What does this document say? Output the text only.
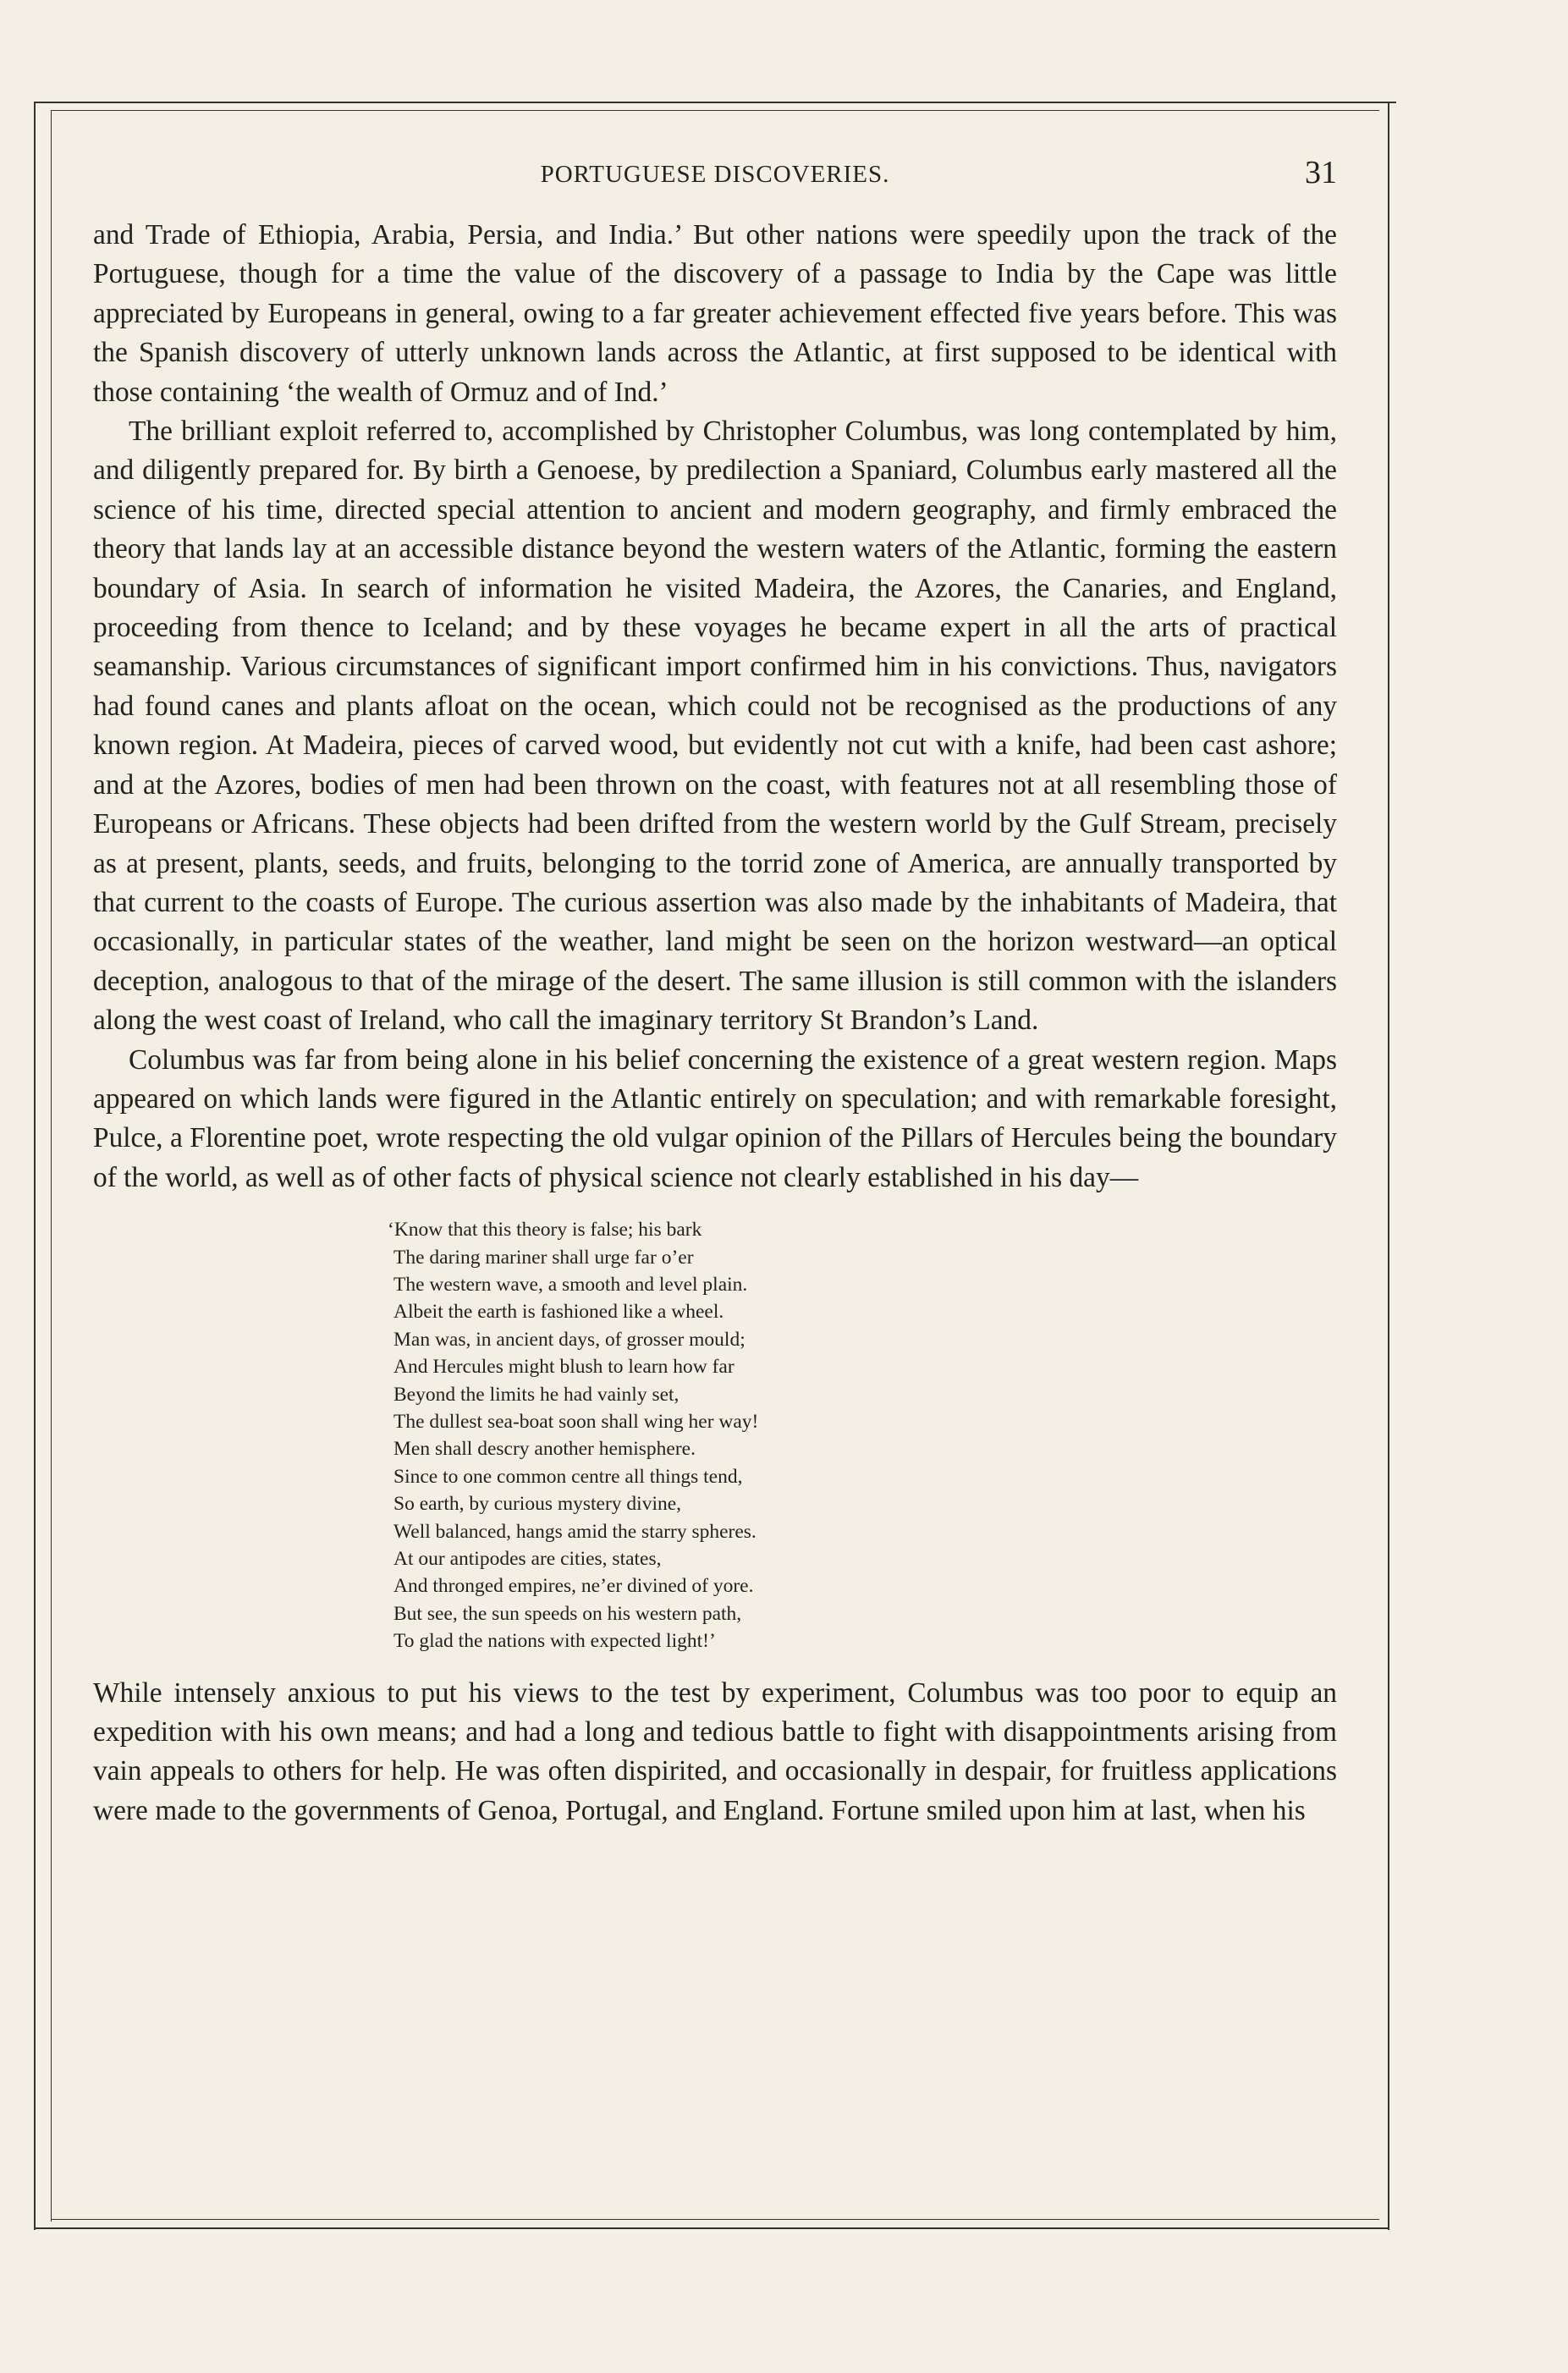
PORTUGUESE DISCOVERIES.	31

and Trade of Ethiopia, Arabia, Persia, and India.’ But other nations were speedily upon the track of the Portuguese, though for a time the value of the discovery of a passage to India by the Cape was little appreciated by Europeans in general, owing to a far greater achievement effected five years before. This was the Spanish discovery of utterly unknown lands across the Atlantic, at first supposed to be identical with those containing ‘the wealth of Ormuz and of Ind.’

The brilliant exploit referred to, accomplished by Christopher Columbus, was long contemplated by him, and diligently prepared for. By birth a Genoese, by predilection a Spaniard, Columbus early mastered all the science of his time, directed special attention to ancient and modern geography, and firmly embraced the theory that lands lay at an accessible distance beyond the western waters of the Atlantic, forming the eastern boundary of Asia. In search of information he visited Madeira, the Azores, the Canaries, and England, proceeding from thence to Iceland; and by these voyages he became expert in all the arts of practical seamanship. Various circumstances of significant import confirmed him in his convictions. Thus, navigators had found canes and plants afloat on the ocean, which could not be recognised as the productions of any known region. At Madeira, pieces of carved wood, but evidently not cut with a knife, had been cast ashore; and at the Azores, bodies of men had been thrown on the coast, with features not at all resembling those of Europeans or Africans. These objects had been drifted from the western world by the Gulf Stream, precisely as at present, plants, seeds, and fruits, belonging to the torrid zone of America, are annually transported by that current to the coasts of Europe. The curious assertion was also made by the inhabitants of Madeira, that occasionally, in particular states of the weather, land might be seen on the horizon westward—an optical deception, analogous to that of the mirage of the desert. The same illusion is still common with the islanders along the west coast of Ireland, who call the imaginary territory St Brandon’s Land.

Columbus was far from being alone in his belief concerning the existence of a great western region. Maps appeared on which lands were figured in the Atlantic entirely on speculation; and with remarkable foresight, Pulce, a Florentine poet, wrote respecting the old vulgar opinion of the Pillars of Hercules being the boundary of the world, as well as of other facts of physical science not clearly established in his day—

‘Know that this theory is false; his bark
The daring mariner shall urge far o’er
The western wave, a smooth and level plain.
Albeit the earth is fashioned like a wheel.
Man was, in ancient days, of grosser mould;
And Hercules might blush to learn how far
Beyond the limits he had vainly set,
The dullest sea-boat soon shall wing her way!
Men shall descry another hemisphere.
Since to one common centre all things tend,
So earth, by curious mystery divine,
Well balanced, hangs amid the starry spheres.
At our antipodes are cities, states,
And thronged empires, ne’er divined of yore.
But see, the sun speeds on his western path,
To glad the nations with expected light!’

While intensely anxious to put his views to the test by experiment, Columbus was too poor to equip an expedition with his own means; and had a long and tedious battle to fight with disappointments arising from vain appeals to others for help. He was often dispirited, and occasionally in despair, for fruitless applications were made to the governments of Genoa, Portugal, and England. Fortune smiled upon him at last, when his
